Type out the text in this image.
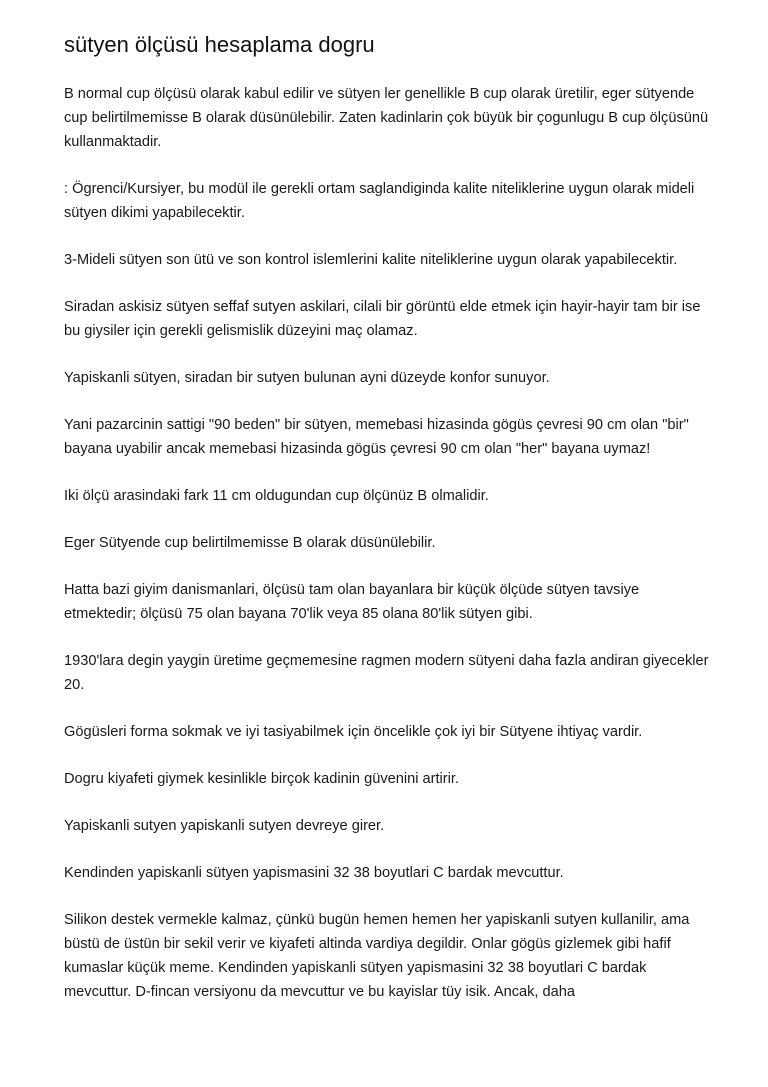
sütyen ölçüsü hesaplama dogru

B normal cup ölçüsü olarak kabul edilir ve sütyen ler genellikle B cup olarak üretilir, eger sütyende cup belirtilmemisse B olarak düsünülebilir. Zaten kadinlarin çok büyük bir çogunlugu B cup ölçüsünü kullanmaktadir.

: Ögrenci/Kursiyer, bu modül ile gerekli ortam saglandiginda kalite niteliklerine uygun olarak mideli sütyen dikimi yapabilecektir.

3-Mideli sütyen son ütü ve son kontrol islemlerini kalite niteliklerine uygun olarak yapabilecektir.

Siradan askisiz sütyen seffaf sutyen askilari, cilali bir görüntü elde etmek için hayir-hayir tam bir ise bu giysiler için gerekli gelismislik düzeyini maç olamaz.

Yapiskanli sütyen, siradan bir sutyen bulunan ayni düzeyde konfor sunuyor.

Yani pazarcinin sattigi "90 beden" bir sütyen, memebasi hizasinda gögüs çevresi 90 cm olan "bir" bayana uyabilir ancak memebasi hizasinda gögüs çevresi 90 cm olan "her" bayana uymaz!

Iki ölçü arasindaki fark 11 cm oldugundan cup ölçünüz B olmalidir.

Eger Sütyende cup belirtilmemisse B olarak düsünülebilir.

Hatta bazi giyim danismanlari, ölçüsü tam olan bayanlara bir küçük ölçüde sütyen tavsiye etmektedir; ölçüsü 75 olan bayana 70'lik veya 85 olana 80'lik sütyen gibi.

1930'lara degin yaygin üretime geçmemesine ragmen modern sütyeni daha fazla andiran giyecekler 20.

Gögüsleri forma sokmak ve iyi tasiyabilmek için öncelikle çok iyi bir Sütyene ihtiyaç vardir.

Dogru kiyafeti giymek kesinlikle birçok kadinin güvenini artirir.

Yapiskanli sutyen yapiskanli sutyen devreye girer.

Kendinden yapiskanli sütyen yapismasini 32 38 boyutlari C bardak mevcuttur.

Silikon destek vermekle kalmaz, çünkü bugün hemen hemen her yapiskanli sutyen kullanilir, ama büstü de üstün bir sekil verir ve kiyafeti altinda vardiya degildir. Onlar gögüs gizlemek gibi hafif kumaslar küçük meme. Kendinden yapiskanli sütyen yapismasini 32 38 boyutlari C bardak mevcuttur. D-fincan versiyonu da mevcuttur ve bu kayislar tüy isik. Ancak, daha
